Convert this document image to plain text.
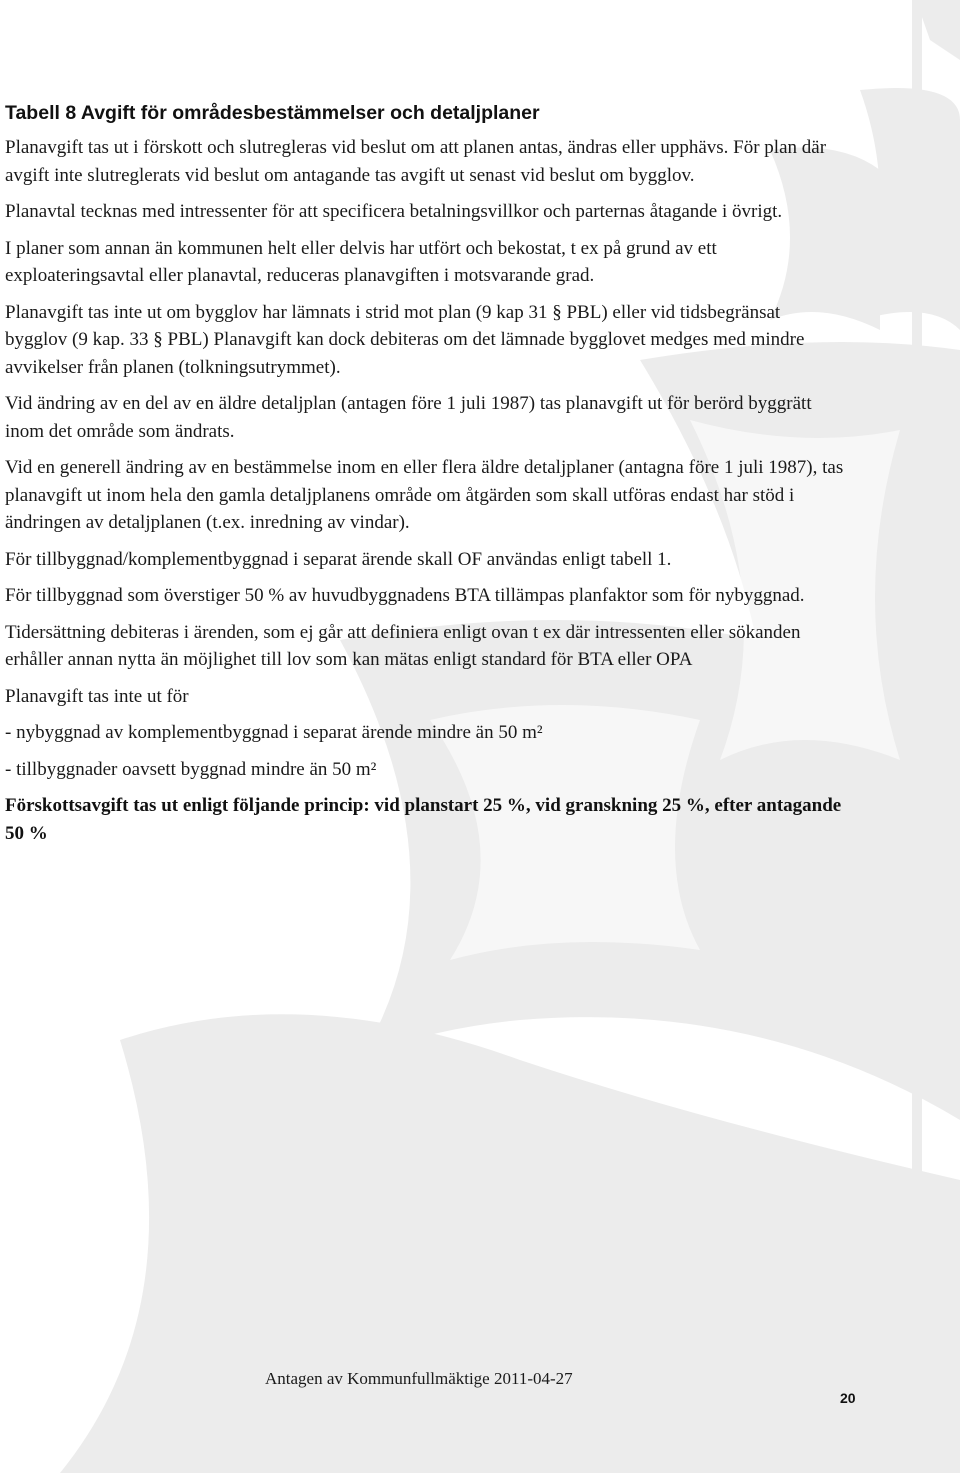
Tabell 8 Avgift för områdesbestämmelser och detaljplaner

Planavgift tas ut i förskott och slutregleras vid beslut om att planen antas, ändras eller upphävs. För plan där avgift inte slutreglerats vid beslut om antagande tas avgift ut senast vid beslut om bygglov.

Planavtal tecknas med intressenter för att specificera betalningsvillkor och parternas åtagande i övrigt.

I planer som annan än kommunen helt eller delvis har utfört och bekostat, t ex på grund av ett exploateringsavtal eller planavtal, reduceras planavgiften i motsvarande grad.

Planavgift tas inte ut om bygglov har lämnats i strid mot plan (9 kap 31 § PBL) eller vid tidsbegränsat bygglov (9 kap. 33 § PBL) Planavgift kan dock debiteras om det lämnade bygglovet medges med mindre avvikelser från planen (tolkningsutrymmet).

Vid ändring av en del av en äldre detaljplan (antagen före 1 juli 1987) tas planavgift ut för berörd byggrätt inom det område som ändrats.

Vid en generell ändring av en bestämmelse inom en eller flera äldre detaljplaner (antagna före 1 juli 1987), tas planavgift ut inom hela den gamla detaljplanens område om åtgärden som skall utföras endast har stöd i ändringen av detaljplanen (t.ex. inredning av vindar).

För tillbyggnad/komplementbyggnad i separat ärende skall OF användas enligt tabell 1.

För tillbyggnad som överstiger 50 % av huvudbyggnadens BTA tillämpas planfaktor som för nybyggnad.

Tidersättning debiteras i ärenden, som ej går att definiera enligt ovan t ex där intressenten eller sökanden erhåller annan nytta än möjlighet till lov som kan mätas enligt standard för BTA eller OPA

Planavgift tas inte ut för

- nybyggnad av komplementbyggnad i separat ärende mindre än 50 m²

- tillbyggnader oavsett byggnad mindre än 50 m²

Förskottsavgift tas ut enligt följande princip: vid planstart 25 %, vid granskning 25 %, efter antagande 50 %

Antagen av Kommunfullmäktige 2011-04-27
20
